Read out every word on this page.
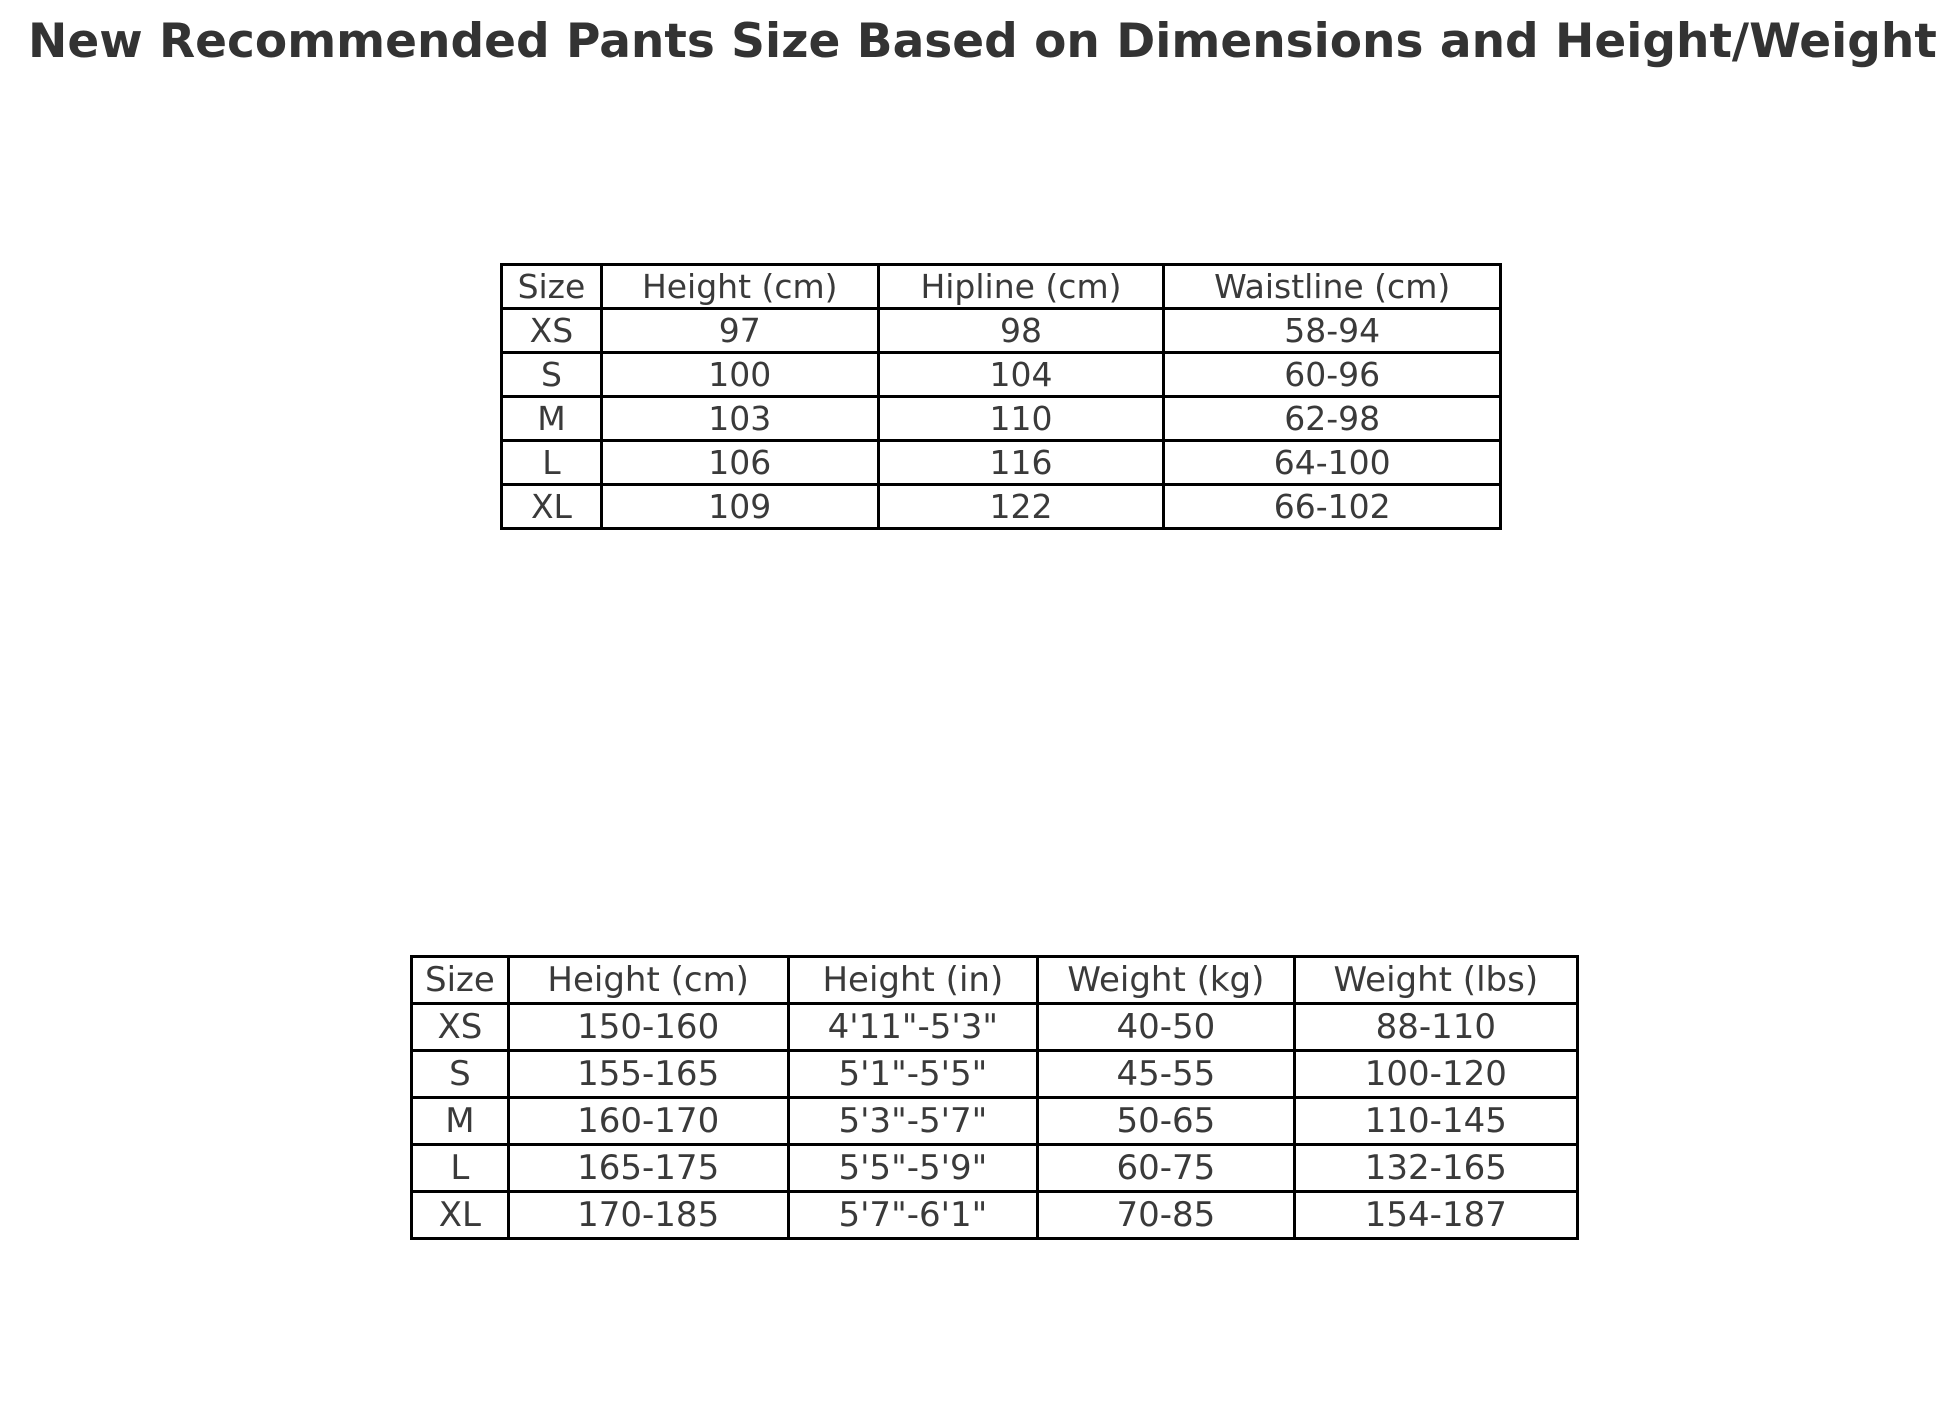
New Recommended Pants Size Based on Dimensions and Height/Weight
Size	Height (cm)	Hipline (cm)	Waistline (cm)
XS	97	98	58-94
S	100	104	60-96
M	103	110	62-98
L	106	116	64-100
XL	109	122	66-102
Size	Height (cm)	Height (in)	Weight (kg)	Weight (lbs)
XS	150-160	4'11"-5'3"	40-50	88-110
S	155-165	5'1"-5'5"	45-55	100-120
M	160-170	5'3"-5'7"	50-65	110-145
L	165-175	5'5"-5'9"	60-75	132-165
XL	170-185	5'7"-6'1"	70-85	154-187
